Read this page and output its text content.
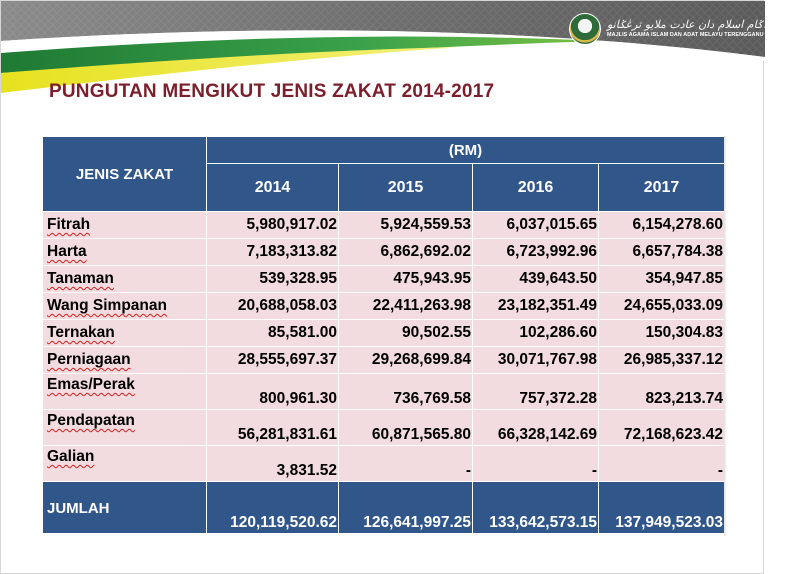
مجلس اݢام اسلام دان عادت ملايو ترڠݢانو
MAJLIS AGAMA ISLAM DAN ADAT MELAYU TERENGGANU
PUNGUTAN MENGIKUT JENIS ZAKAT 2014-2017
JENIS ZAKAT	(RM)			
	2014	2015	2016	2017
Fitrah	5,980,917.02	5,924,559.53	6,037,015.65	6,154,278.60
Harta	7,183,313.82	6,862,692.02	6,723,992.96	6,657,784.38
Tanaman	539,328.95	475,943.95	439,643.50	354,947.85
Wang Simpanan	20,688,058.03	22,411,263.98	23,182,351.49	24,655,033.09
Ternakan	85,581.00	90,502.55	102,286.60	150,304.83
Perniagaan	28,555,697.37	29,268,699.84	30,071,767.98	26,985,337.12
Emas/Perak	800,961.30	736,769.58	757,372.28	823,213.74
Pendapatan	56,281,831.61	60,871,565.80	66,328,142.69	72,168,623.42
Galian	3,831.52	-	-	-
JUMLAH	120,119,520.62	126,641,997.25	133,642,573.15	137,949,523.03
